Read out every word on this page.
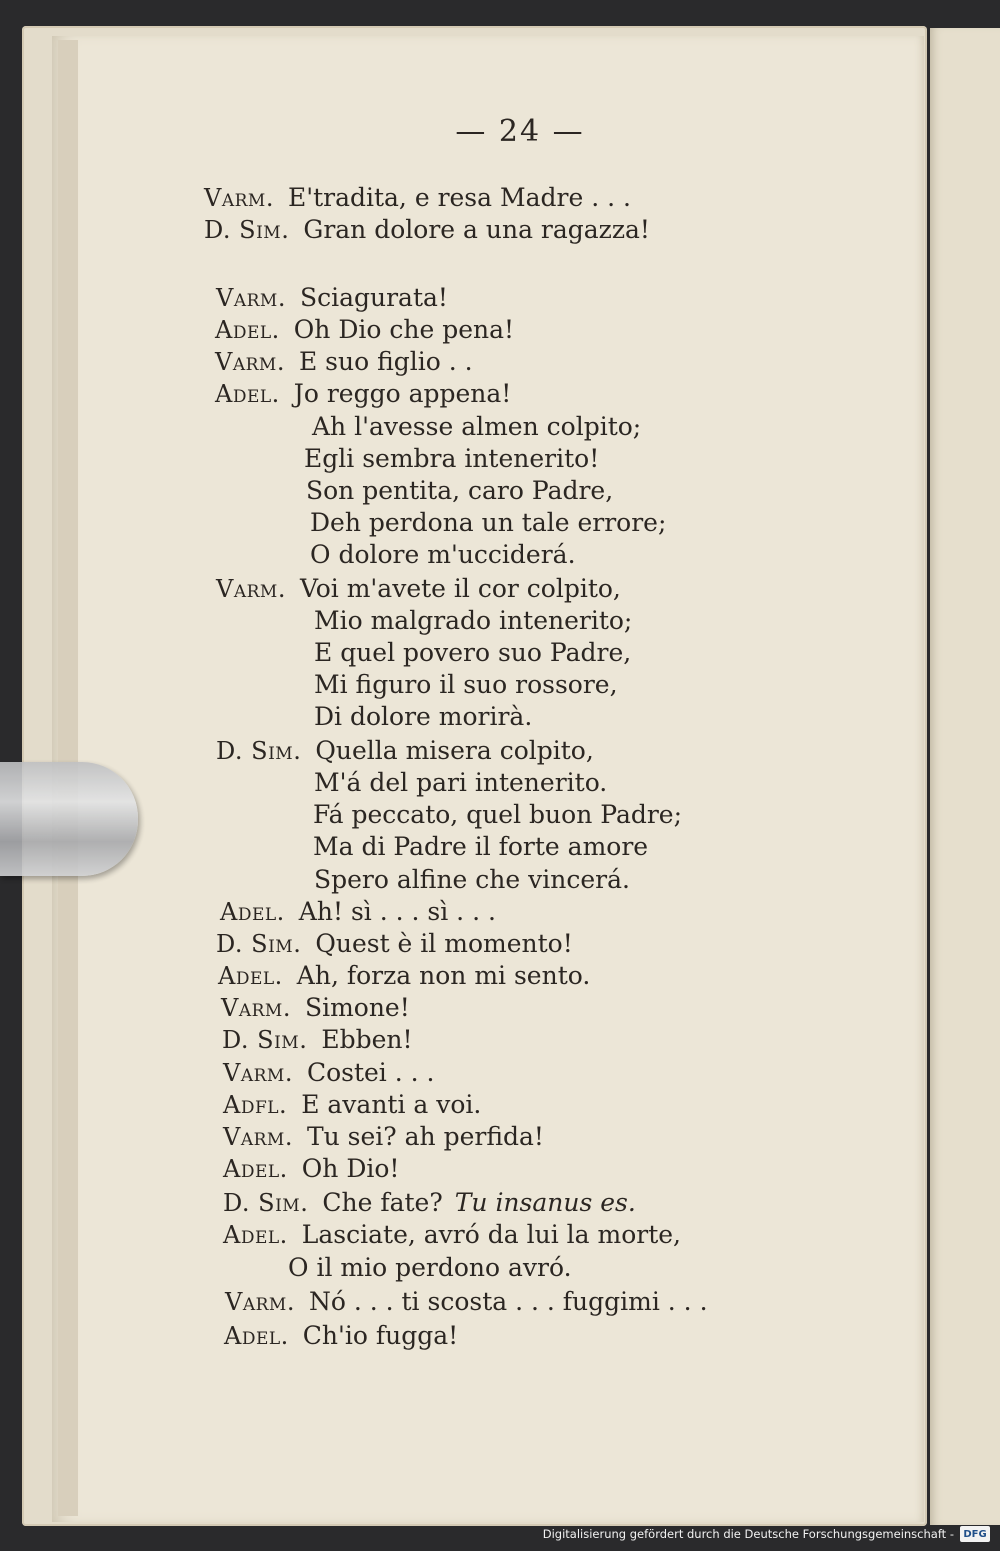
— 24 —
Varm. E'tradita, e resa Madre . . .
D. Sim. Gran dolore a una ragazza!
Varm. Sciagurata!
Adel. Oh Dio che pena!
Varm. E suo figlio . .
Adel. Jo reggo appena!
Ah l'avesse almen colpito;
Egli sembra intenerito!
Son pentita, caro Padre,
Deh perdona un tale errore;
O dolore m'ucciderá.
Varm. Voi m'avete il cor colpito,
Mio malgrado intenerito;
E quel povero suo Padre,
Mi figuro il suo rossore,
Di dolore morirà.
D. Sim. Quella misera colpito,
M'á del pari intenerito.
Fá peccato, quel buon Padre;
Ma di Padre il forte amore
Spero alfine che vincerá.
Adel. Ah! sì . . . sì . . .
D. Sim. Quest è il momento!
Adel. Ah, forza non mi sento.
Varm. Simone!
D. Sim. Ebben!
Varm. Costei . . .
Adfl. E avanti a voi.
Varm. Tu sei? ah perfida!
Adel. Oh Dio!
D. Sim. Che fate? Tu insanus es.
Adel. Lasciate, avró da lui la morte,
O il mio perdono avró.
Varm. Nó . . . ti scosta . . . fuggimi . . .
Adel. Ch'io fugga!
Digitalisierung gefördert durch die Deutsche Forschungsgemeinschaft - DFG
